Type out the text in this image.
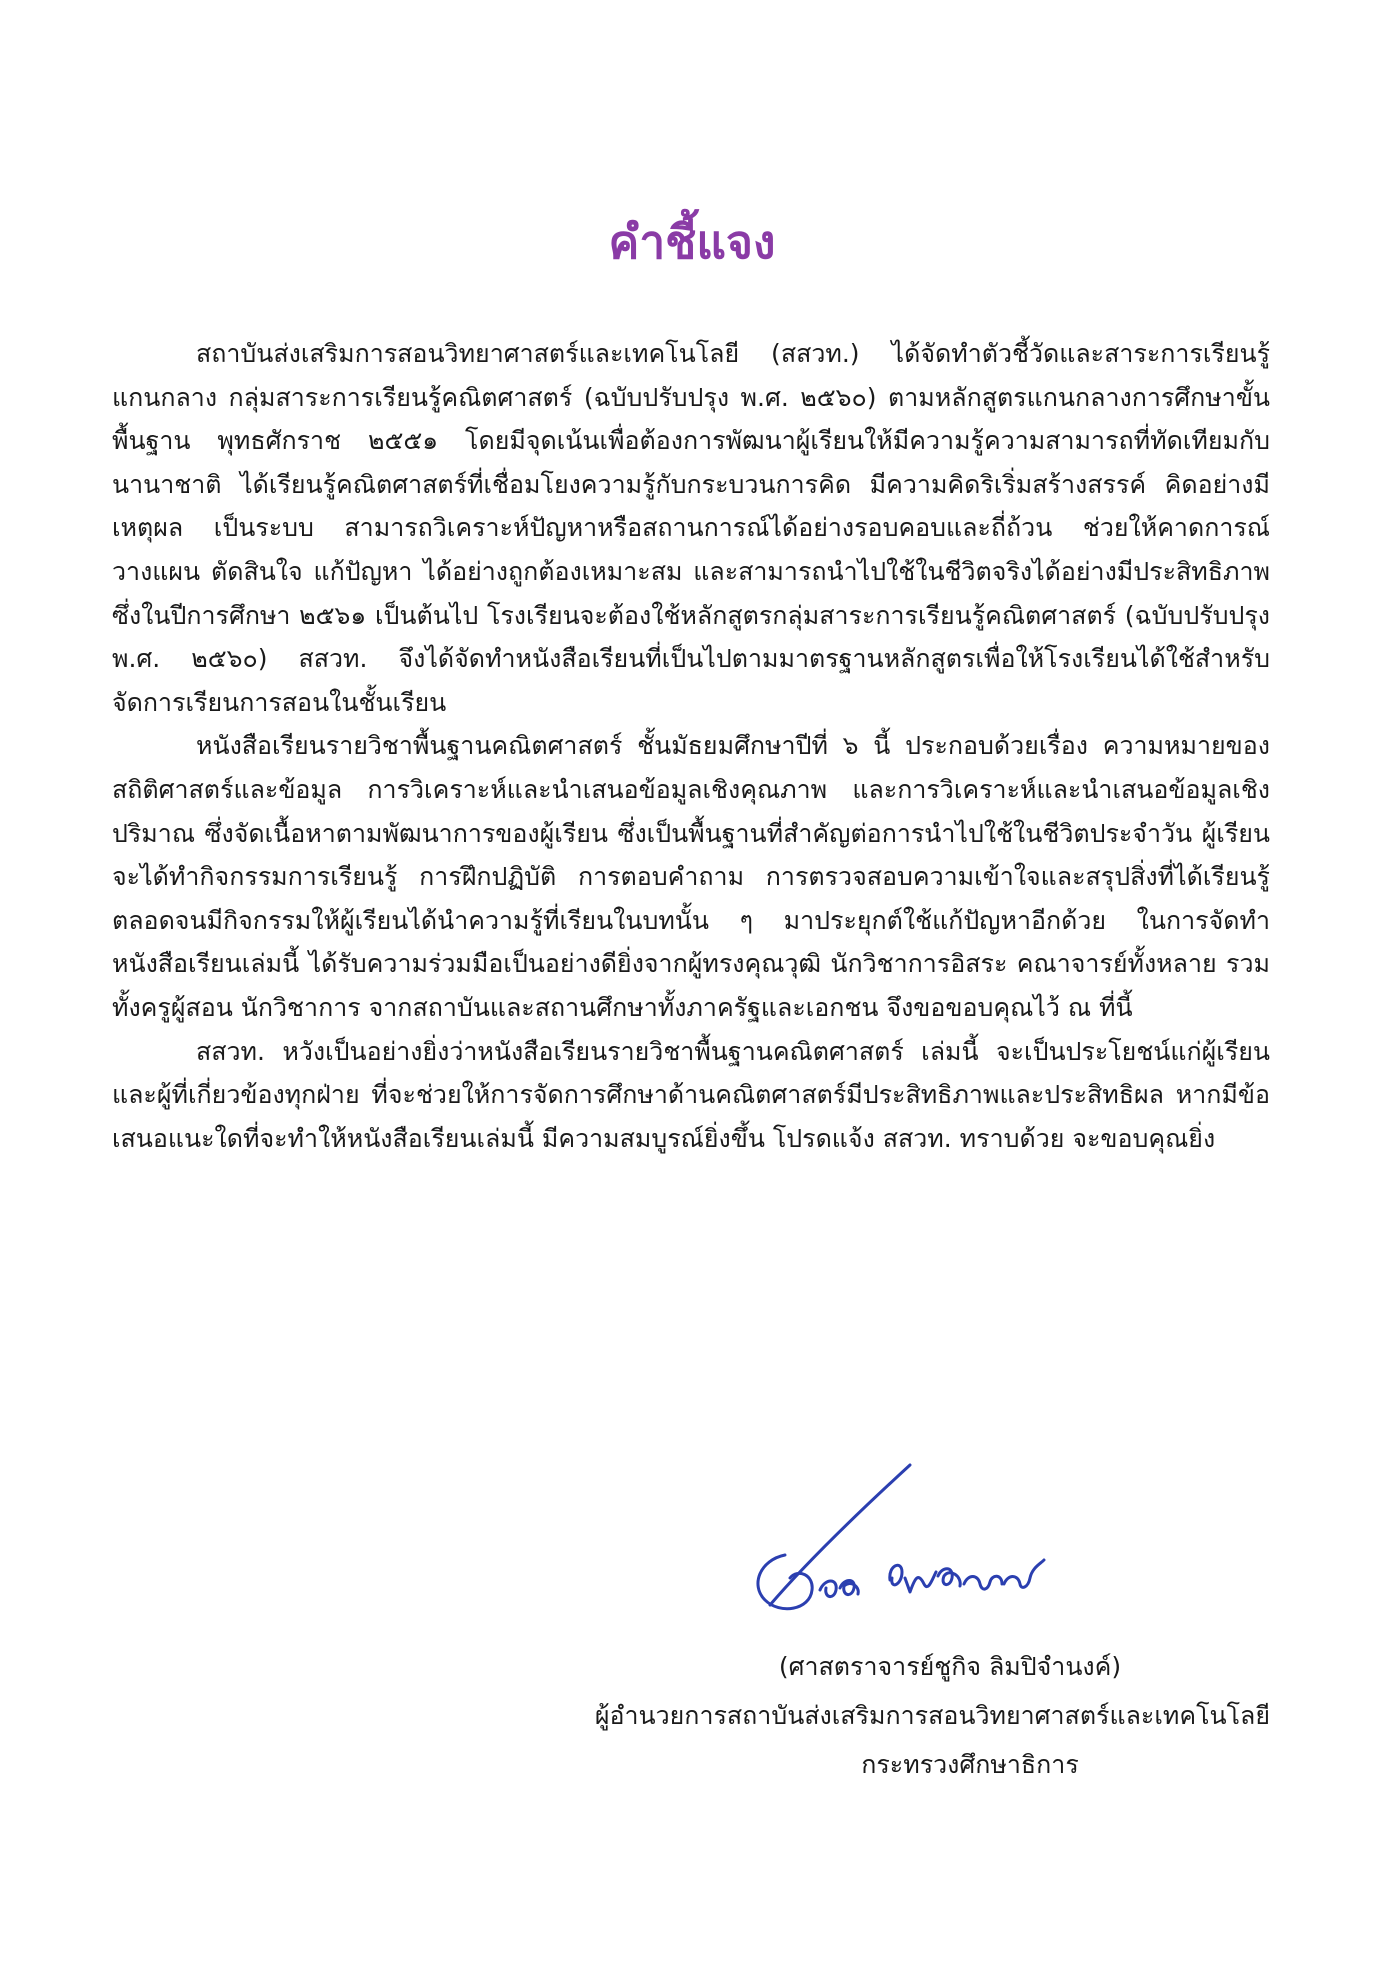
คำชี้แจง

สถาบันส่งเสริมการสอนวิทยาศาสตร์และเทคโนโลยี (สสวท.) ได้จัดทำตัวชี้วัดและสาระการเรียนรู้แกนกลาง กลุ่มสาระการเรียนรู้คณิตศาสตร์ (ฉบับปรับปรุง พ.ศ. ๒๕๖๐) ตามหลักสูตรแกนกลางการศึกษาขั้นพื้นฐาน พุทธศักราช ๒๕๕๑ โดยมีจุดเน้นเพื่อต้องการพัฒนาผู้เรียนให้มีความรู้ความสามารถที่ทัดเทียมกับนานาชาติ ได้เรียนรู้คณิตศาสตร์ที่เชื่อมโยงความรู้กับกระบวนการคิด มีความคิดริเริ่มสร้างสรรค์ คิดอย่างมีเหตุผล เป็นระบบ สามารถวิเคราะห์ปัญหาหรือสถานการณ์ได้อย่างรอบคอบและถี่ถ้วน ช่วยให้คาดการณ์ วางแผน ตัดสินใจ แก้ปัญหา ได้อย่างถูกต้องเหมาะสม และสามารถนำไปใช้ในชีวิตจริงได้อย่างมีประสิทธิภาพ ซึ่งในปีการศึกษา ๒๕๖๑ เป็นต้นไป โรงเรียนจะต้องใช้หลักสูตรกลุ่มสาระการเรียนรู้คณิตศาสตร์ (ฉบับปรับปรุง พ.ศ. ๒๕๖๐) สสวท. จึงได้จัดทำหนังสือเรียนที่เป็นไปตามมาตรฐานหลักสูตรเพื่อให้โรงเรียนได้ใช้สำหรับจัดการเรียนการสอนในชั้นเรียน

หนังสือเรียนรายวิชาพื้นฐานคณิตศาสตร์ ชั้นมัธยมศึกษาปีที่ ๖ นี้ ประกอบด้วยเรื่อง ความหมายของสถิติศาสตร์และข้อมูล การวิเคราะห์และนำเสนอข้อมูลเชิงคุณภาพ และการวิเคราะห์และนำเสนอข้อมูลเชิงปริมาณ ซึ่งจัดเนื้อหาตามพัฒนาการของผู้เรียน ซึ่งเป็นพื้นฐานที่สำคัญต่อการนำไปใช้ในชีวิตประจำวัน ผู้เรียนจะได้ทำกิจกรรมการเรียนรู้ การฝึกปฏิบัติ การตอบคำถาม การตรวจสอบความเข้าใจและสรุปสิ่งที่ได้เรียนรู้ ตลอดจนมีกิจกรรมให้ผู้เรียนได้นำความรู้ที่เรียนในบทนั้น ๆ มาประยุกต์ใช้แก้ปัญหาอีกด้วย ในการจัดทำหนังสือเรียนเล่มนี้ ได้รับความร่วมมือเป็นอย่างดียิ่งจากผู้ทรงคุณวุฒิ นักวิชาการอิสระ คณาจารย์ทั้งหลาย รวมทั้งครูผู้สอน นักวิชาการ จากสถาบันและสถานศึกษาทั้งภาครัฐและเอกชน จึงขอขอบคุณไว้ ณ ที่นี้

สสวท. หวังเป็นอย่างยิ่งว่าหนังสือเรียนรายวิชาพื้นฐานคณิตศาสตร์ เล่มนี้ จะเป็นประโยชน์แก่ผู้เรียนและผู้ที่เกี่ยวข้องทุกฝ่าย ที่จะช่วยให้การจัดการศึกษาด้านคณิตศาสตร์มีประสิทธิภาพและประสิทธิผล หากมีข้อเสนอแนะใดที่จะทำให้หนังสือเรียนเล่มนี้ มีความสมบูรณ์ยิ่งขึ้น โปรดแจ้ง สสวท. ทราบด้วย จะขอบคุณยิ่ง

(ศาสตราจารย์ชูกิจ ลิมปิจำนงค์)
ผู้อำนวยการสถาบันส่งเสริมการสอนวิทยาศาสตร์และเทคโนโลยี
กระทรวงศึกษาธิการ
